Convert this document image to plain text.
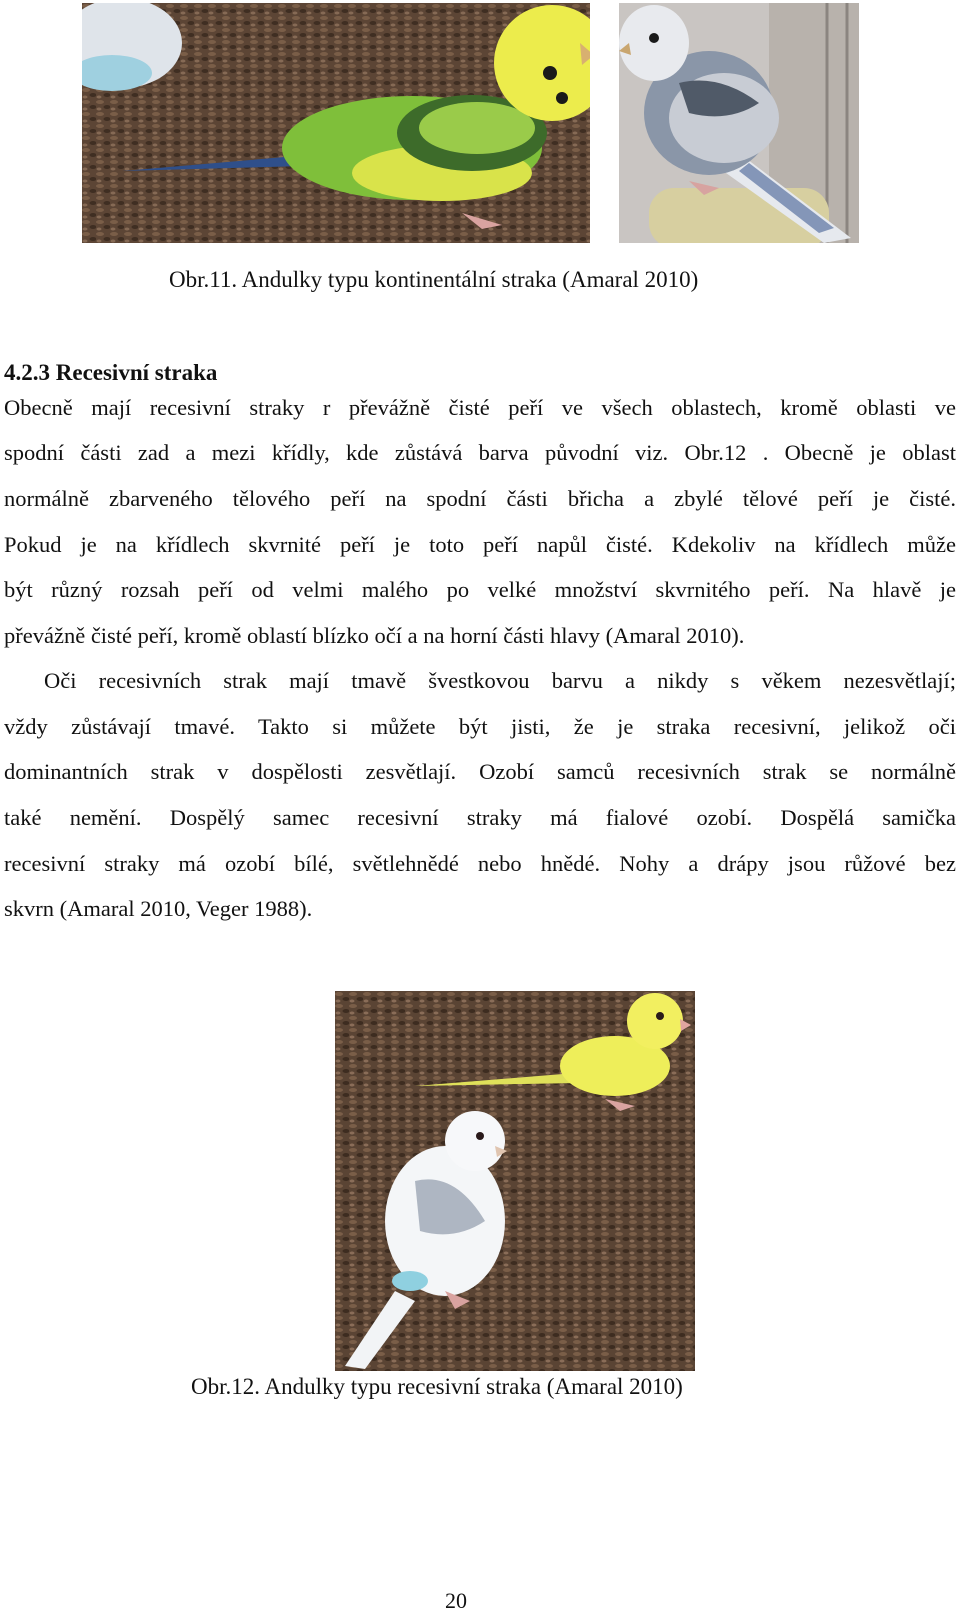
Obr.11. Andulky typu kontinentální straka (Amaral 2010)
4.2.3 Recesivní straka
Obecně mají recesivní straky r převážně čisté peří ve všech oblastech, kromě oblasti ve
spodní části zad a mezi křídly, kde zůstává barva původní viz. Obr.12 . Obecně je oblast
normálně zbarveného tělového peří na spodní části břicha a zbylé tělové peří je čisté.
Pokud je na křídlech skvrnité peří je toto peří napůl čisté. Kdekoliv na křídlech může
být různý rozsah peří od velmi malého po velké množství skvrnitého peří. Na hlavě je
převážně čisté peří, kromě oblastí blízko očí a na horní části hlavy (Amaral 2010).
Oči recesivních strak mají tmavě švestkovou barvu a nikdy s věkem nezesvětlají;
vždy zůstávají tmavé. Takto si můžete být jisti, že je straka recesivní, jelikož oči
dominantních strak v dospělosti zesvětlají. Ozobí samců recesivních strak se normálně
také nemění. Dospělý samec recesivní straky má fialové ozobí. Dospělá samička
recesivní straky má ozobí bílé, světlehnědé nebo hnědé. Nohy a drápy jsou růžové bez
skvrn (Amaral 2010, Veger 1988).
Obr.12. Andulky typu recesivní straka (Amaral 2010)
20
